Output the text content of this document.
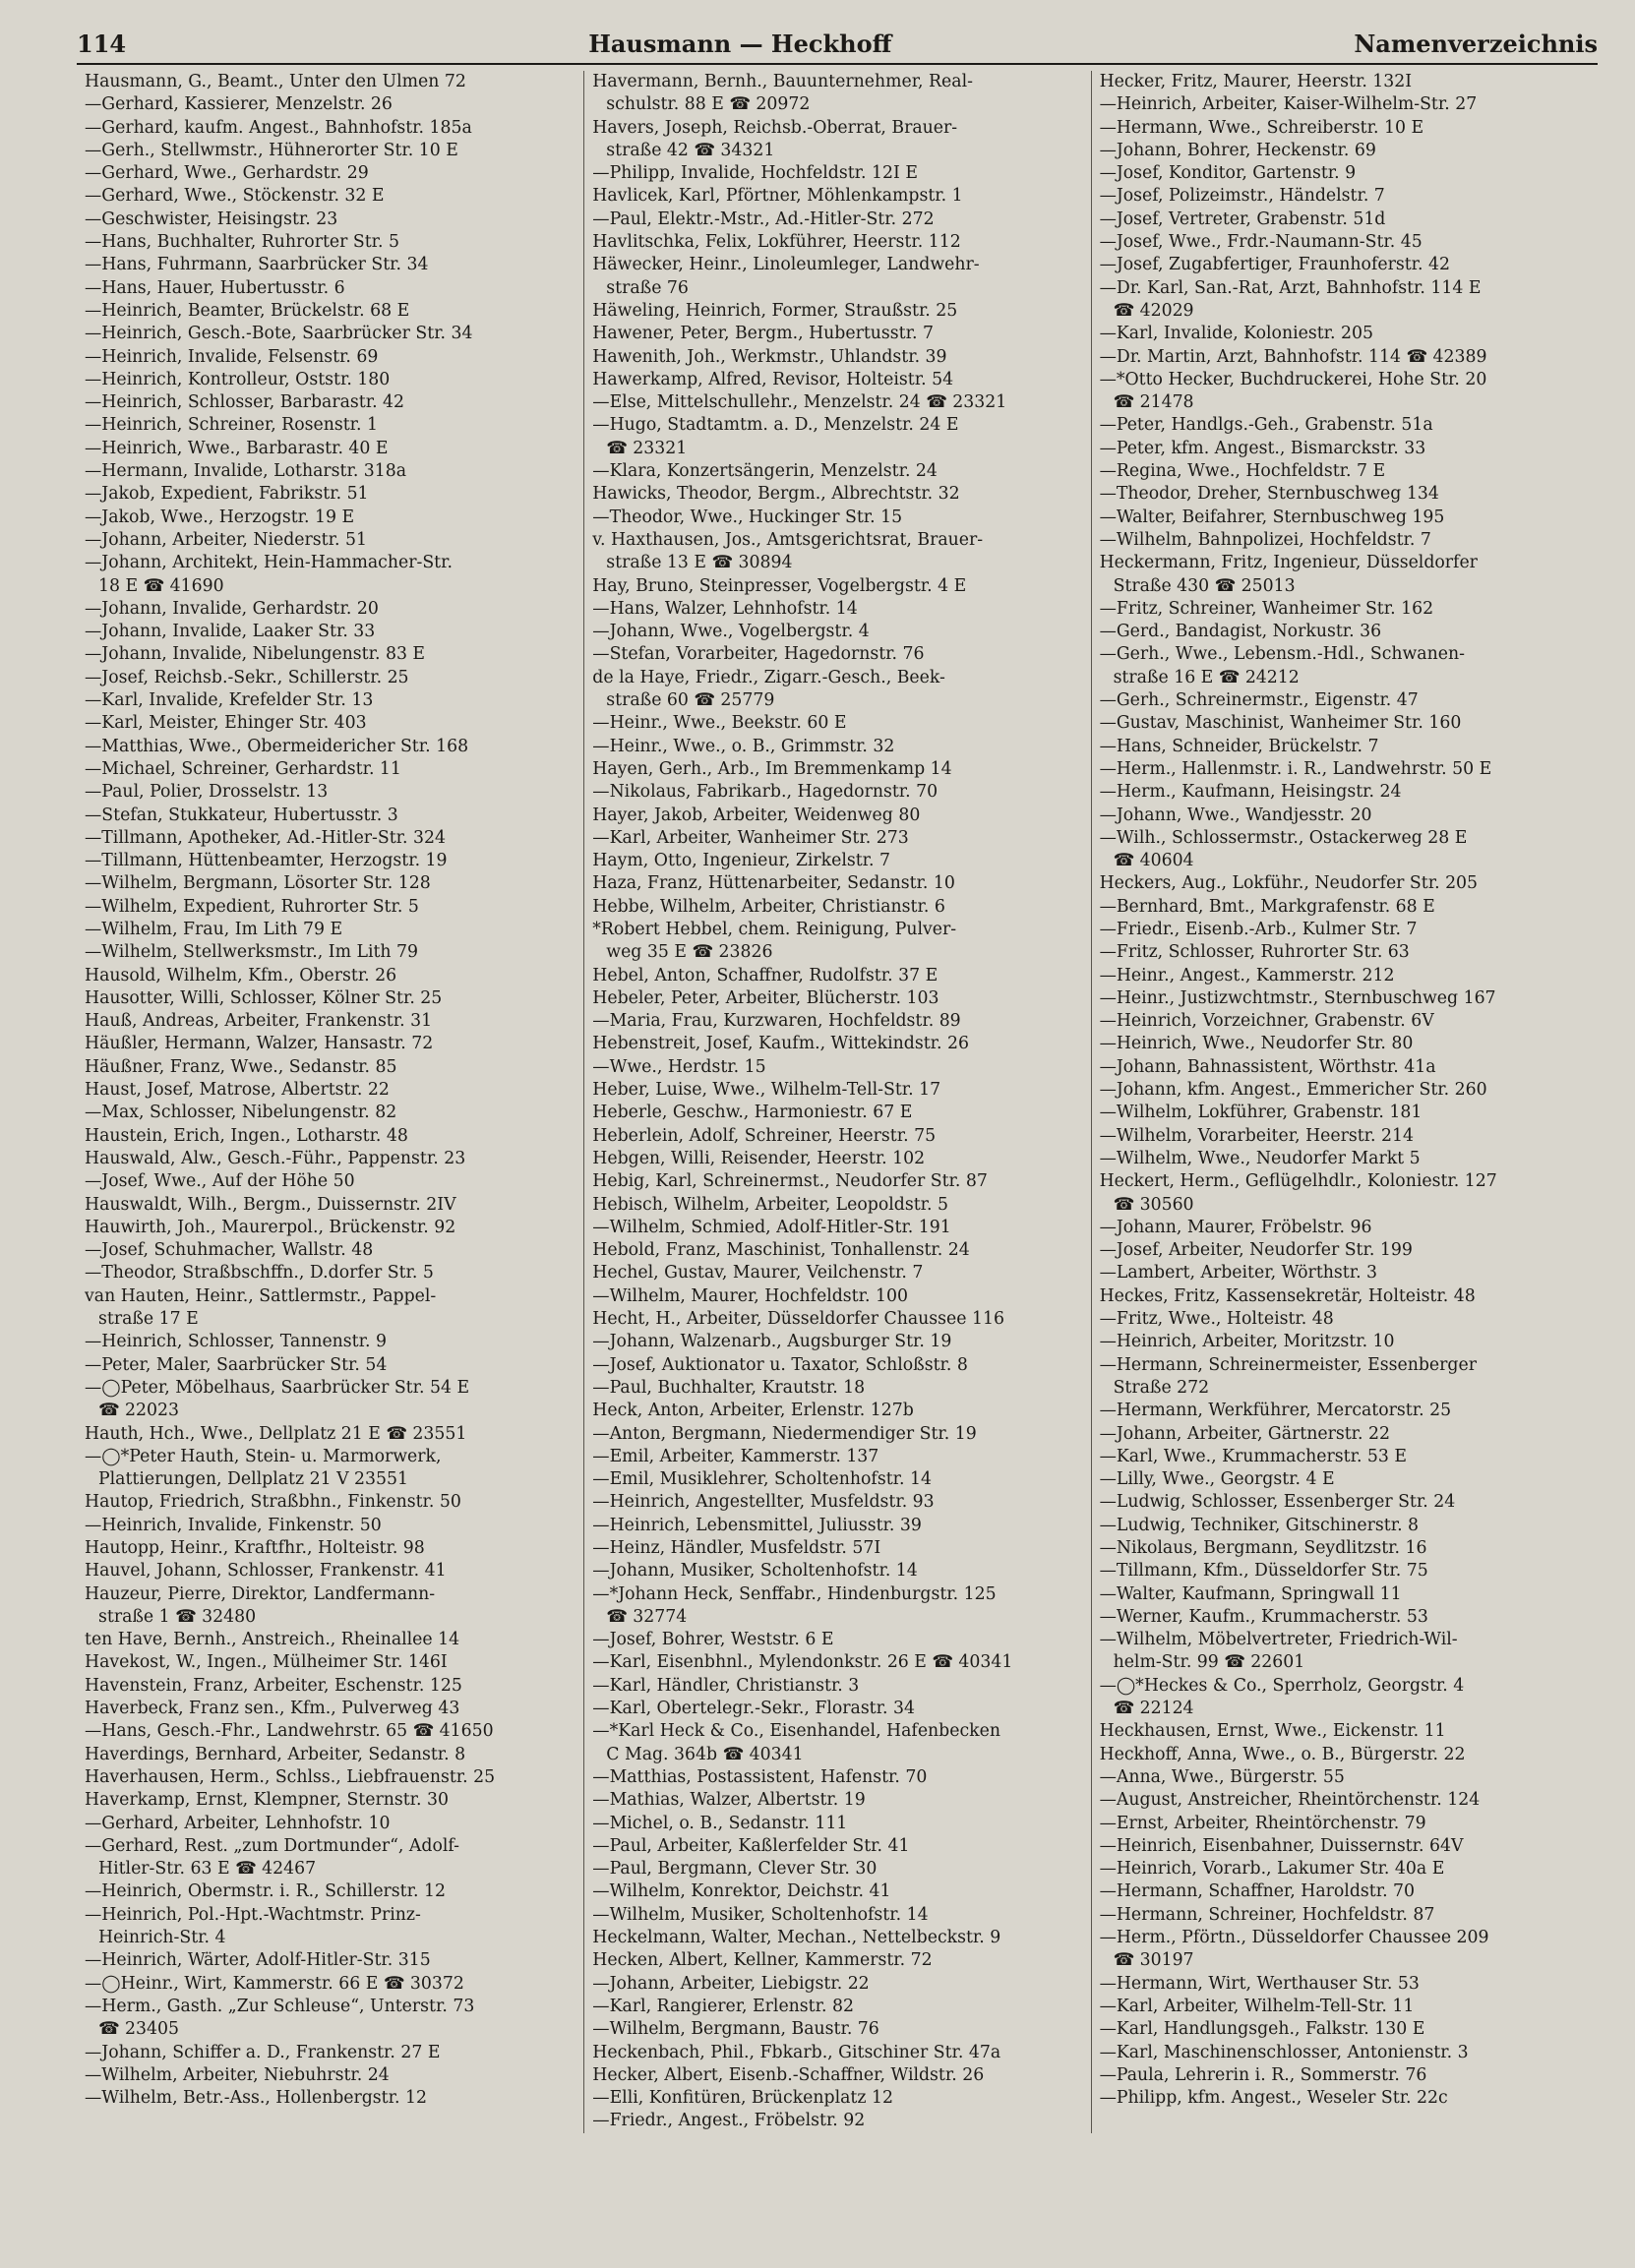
114	Hausmann — Heckhoff	Namenverzeichnis
Hausmann, G., Beamt., Unter den Ulmen 72
—Gerhard, Kassierer, Menzelstr. 26
—Gerhard, kaufm. Angest., Bahnhofstr. 185a
—Gerh., Stellwmstr., Hühnerorter Str. 10 E
—Gerhard, Wwe., Gerhardstr. 29
—Gerhard, Wwe., Stöckenstr. 32 E
—Geschwister, Heisingstr. 23
—Hans, Buchhalter, Ruhrorter Str. 5
—Hans, Fuhrmann, Saarbrücker Str. 34
—Hans, Hauer, Hubertusstr. 6
—Heinrich, Beamter, Brückelstr. 68 E
—Heinrich, Gesch.-Bote, Saarbrücker Str. 34
—Heinrich, Invalide, Felsenstr. 69
—Heinrich, Kontrolleur, Oststr. 180
—Heinrich, Schlosser, Barbarastr. 42
—Heinrich, Schreiner, Rosenstr. 1
—Heinrich, Wwe., Barbarastr. 40 E
—Hermann, Invalide, Lotharstr. 318a
—Jakob, Expedient, Fabrikstr. 51
—Jakob, Wwe., Herzogstr. 19 E
—Johann, Arbeiter, Niederstr. 51
—Johann, Architekt, Hein-Hammacher-Str.
18 E ☎ 41690
—Johann, Invalide, Gerhardstr. 20
—Johann, Invalide, Laaker Str. 33
—Johann, Invalide, Nibelungenstr. 83 E
—Josef, Reichsb.-Sekr., Schillerstr. 25
—Karl, Invalide, Krefelder Str. 13
—Karl, Meister, Ehinger Str. 403
—Matthias, Wwe., Obermeidericher Str. 168
—Michael, Schreiner, Gerhardstr. 11
—Paul, Polier, Drosselstr. 13
—Stefan, Stukkateur, Hubertusstr. 3
—Tillmann, Apotheker, Ad.-Hitler-Str. 324
—Tillmann, Hüttenbeamter, Herzogstr. 19
—Wilhelm, Bergmann, Lösorter Str. 128
—Wilhelm, Expedient, Ruhrorter Str. 5
—Wilhelm, Frau, Im Lith 79 E
—Wilhelm, Stellwerksmstr., Im Lith 79
Hausold, Wilhelm, Kfm., Oberstr. 26
Hausotter, Willi, Schlosser, Kölner Str. 25
Hauß, Andreas, Arbeiter, Frankenstr. 31
Häußler, Hermann, Walzer, Hansastr. 72
Häußner, Franz, Wwe., Sedanstr. 85
Haust, Josef, Matrose, Albertstr. 22
—Max, Schlosser, Nibelungenstr. 82
Haustein, Erich, Ingen., Lotharstr. 48
Hauswald, Alw., Gesch.-Führ., Pappenstr. 23
—Josef, Wwe., Auf der Höhe 50
Hauswaldt, Wilh., Bergm., Duissernstr. 2IV
Hauwirth, Joh., Maurerpol., Brückenstr. 92
—Josef, Schuhmacher, Wallstr. 48
—Theodor, Straßbschffn., D.dorfer Str. 5
van Hauten, Heinr., Sattlermstr., Pappel-
straße 17 E
—Heinrich, Schlosser, Tannenstr. 9
—Peter, Maler, Saarbrücker Str. 54
—◯Peter, Möbelhaus, Saarbrücker Str. 54 E
☎ 22023
Hauth, Hch., Wwe., Dellplatz 21 E ☎ 23551
—◯*Peter Hauth, Stein- u. Marmorwerk,
Plattierungen, Dellplatz 21 V 23551
Hautop, Friedrich, Straßbhn., Finkenstr. 50
—Heinrich, Invalide, Finkenstr. 50
Hautopp, Heinr., Kraftfhr., Holteistr. 98
Hauvel, Johann, Schlosser, Frankenstr. 41
Hauzeur, Pierre, Direktor, Landfermann-
straße 1 ☎ 32480
ten Have, Bernh., Anstreich., Rheinallee 14
Havekost, W., Ingen., Mülheimer Str. 146I
Havenstein, Franz, Arbeiter, Eschenstr. 125
Haverbeck, Franz sen., Kfm., Pulverweg 43
—Hans, Gesch.-Fhr., Landwehrstr. 65 ☎ 41650
Haverdings, Bernhard, Arbeiter, Sedanstr. 8
Haverhausen, Herm., Schlss., Liebfrauenstr. 25
Haverkamp, Ernst, Klempner, Sternstr. 30
—Gerhard, Arbeiter, Lehnhofstr. 10
—Gerhard, Rest. „zum Dortmunder“, Adolf-
Hitler-Str. 63 E ☎ 42467
—Heinrich, Obermstr. i. R., Schillerstr. 12
—Heinrich, Pol.-Hpt.-Wachtmstr. Prinz-
Heinrich-Str. 4
—Heinrich, Wärter, Adolf-Hitler-Str. 315
—◯Heinr., Wirt, Kammerstr. 66 E ☎ 30372
—Herm., Gasth. „Zur Schleuse“, Unterstr. 73
☎ 23405
—Johann, Schiffer a. D., Frankenstr. 27 E
—Wilhelm, Arbeiter, Niebuhrstr. 24
—Wilhelm, Betr.-Ass., Hollenbergstr. 12
Havermann, Bernh., Bauunternehmer, Real-
schulstr. 88 E ☎ 20972
Havers, Joseph, Reichsb.-Oberrat, Brauer-
straße 42 ☎ 34321
—Philipp, Invalide, Hochfeldstr. 12I E
Havlicek, Karl, Pförtner, Möhlenkampstr. 1
—Paul, Elektr.-Mstr., Ad.-Hitler-Str. 272
Havlitschka, Felix, Lokführer, Heerstr. 112
Häwecker, Heinr., Linoleumleger, Landwehr-
straße 76
Häweling, Heinrich, Former, Straußstr. 25
Hawener, Peter, Bergm., Hubertusstr. 7
Hawenith, Joh., Werkmstr., Uhlandstr. 39
Hawerkamp, Alfred, Revisor, Holteistr. 54
—Else, Mittelschullehr., Menzelstr. 24 ☎ 23321
—Hugo, Stadtamtm. a. D., Menzelstr. 24 E
☎ 23321
—Klara, Konzertsängerin, Menzelstr. 24
Hawicks, Theodor, Bergm., Albrechtstr. 32
—Theodor, Wwe., Huckinger Str. 15
v. Haxthausen, Jos., Amtsgerichtsrat, Brauer-
straße 13 E ☎ 30894
Hay, Bruno, Steinpresser, Vogelbergstr. 4 E
—Hans, Walzer, Lehnhofstr. 14
—Johann, Wwe., Vogelbergstr. 4
—Stefan, Vorarbeiter, Hagedornstr. 76
de la Haye, Friedr., Zigarr.-Gesch., Beek-
straße 60 ☎ 25779
—Heinr., Wwe., Beekstr. 60 E
—Heinr., Wwe., o. B., Grimmstr. 32
Hayen, Gerh., Arb., Im Bremmenkamp 14
—Nikolaus, Fabrikarb., Hagedornstr. 70
Hayer, Jakob, Arbeiter, Weidenweg 80
—Karl, Arbeiter, Wanheimer Str. 273
Haym, Otto, Ingenieur, Zirkelstr. 7
Haza, Franz, Hüttenarbeiter, Sedanstr. 10
Hebbe, Wilhelm, Arbeiter, Christianstr. 6
*Robert Hebbel, chem. Reinigung, Pulver-
weg 35 E ☎ 23826
Hebel, Anton, Schaffner, Rudolfstr. 37 E
Hebeler, Peter, Arbeiter, Blücherstr. 103
—Maria, Frau, Kurzwaren, Hochfeldstr. 89
Hebenstreit, Josef, Kaufm., Wittekindstr. 26
—Wwe., Herdstr. 15
Heber, Luise, Wwe., Wilhelm-Tell-Str. 17
Heberle, Geschw., Harmoniestr. 67 E
Heberlein, Adolf, Schreiner, Heerstr. 75
Hebgen, Willi, Reisender, Heerstr. 102
Hebig, Karl, Schreinermst., Neudorfer Str. 87
Hebisch, Wilhelm, Arbeiter, Leopoldstr. 5
—Wilhelm, Schmied, Adolf-Hitler-Str. 191
Hebold, Franz, Maschinist, Tonhallenstr. 24
Hechel, Gustav, Maurer, Veilchenstr. 7
—Wilhelm, Maurer, Hochfeldstr. 100
Hecht, H., Arbeiter, Düsseldorfer Chaussee 116
—Johann, Walzenarb., Augsburger Str. 19
—Josef, Auktionator u. Taxator, Schloßstr. 8
—Paul, Buchhalter, Krautstr. 18
Heck, Anton, Arbeiter, Erlenstr. 127b
—Anton, Bergmann, Niedermendiger Str. 19
—Emil, Arbeiter, Kammerstr. 137
—Emil, Musiklehrer, Scholtenhofstr. 14
—Heinrich, Angestellter, Musfeldstr. 93
—Heinrich, Lebensmittel, Juliusstr. 39
—Heinz, Händler, Musfeldstr. 57I
—Johann, Musiker, Scholtenhofstr. 14
—*Johann Heck, Senffabr., Hindenburgstr. 125
☎ 32774
—Josef, Bohrer, Weststr. 6 E
—Karl, Eisenbhnl., Mylendonkstr. 26 E ☎ 40341
—Karl, Händler, Christianstr. 3
—Karl, Obertelegr.-Sekr., Florastr. 34
—*Karl Heck & Co., Eisenhandel, Hafenbecken
C Mag. 364b ☎ 40341
—Matthias, Postassistent, Hafenstr. 70
—Mathias, Walzer, Albertstr. 19
—Michel, o. B., Sedanstr. 111
—Paul, Arbeiter, Kaßlerfelder Str. 41
—Paul, Bergmann, Clever Str. 30
—Wilhelm, Konrektor, Deichstr. 41
—Wilhelm, Musiker, Scholtenhofstr. 14
Heckelmann, Walter, Mechan., Nettelbeckstr. 9
Hecken, Albert, Kellner, Kammerstr. 72
—Johann, Arbeiter, Liebigstr. 22
—Karl, Rangierer, Erlenstr. 82
—Wilhelm, Bergmann, Baustr. 76
Heckenbach, Phil., Fbkarb., Gitschiner Str. 47a
Hecker, Albert, Eisenb.-Schaffner, Wildstr. 26
—Elli, Konfitüren, Brückenplatz 12
—Friedr., Angest., Fröbelstr. 92
Hecker, Fritz, Maurer, Heerstr. 132I
—Heinrich, Arbeiter, Kaiser-Wilhelm-Str. 27
—Hermann, Wwe., Schreiberstr. 10 E
—Johann, Bohrer, Heckenstr. 69
—Josef, Konditor, Gartenstr. 9
—Josef, Polizeimstr., Händelstr. 7
—Josef, Vertreter, Grabenstr. 51d
—Josef, Wwe., Frdr.-Naumann-Str. 45
—Josef, Zugabfertiger, Fraunhoferstr. 42
—Dr. Karl, San.-Rat, Arzt, Bahnhofstr. 114 E
☎ 42029
—Karl, Invalide, Koloniestr. 205
—Dr. Martin, Arzt, Bahnhofstr. 114 ☎ 42389
—*Otto Hecker, Buchdruckerei, Hohe Str. 20
☎ 21478
—Peter, Handlgs.-Geh., Grabenstr. 51a
—Peter, kfm. Angest., Bismarckstr. 33
—Regina, Wwe., Hochfeldstr. 7 E
—Theodor, Dreher, Sternbuschweg 134
—Walter, Beifahrer, Sternbuschweg 195
—Wilhelm, Bahnpolizei, Hochfeldstr. 7
Heckermann, Fritz, Ingenieur, Düsseldorfer
Straße 430 ☎ 25013
—Fritz, Schreiner, Wanheimer Str. 162
—Gerd., Bandagist, Norkustr. 36
—Gerh., Wwe., Lebensm.-Hdl., Schwanen-
straße 16 E ☎ 24212
—Gerh., Schreinermstr., Eigenstr. 47
—Gustav, Maschinist, Wanheimer Str. 160
—Hans, Schneider, Brückelstr. 7
—Herm., Hallenmstr. i. R., Landwehrstr. 50 E
—Herm., Kaufmann, Heisingstr. 24
—Johann, Wwe., Wandjesstr. 20
—Wilh., Schlossermstr., Ostackerweg 28 E
☎ 40604
Heckers, Aug., Lokführ., Neudorfer Str. 205
—Bernhard, Bmt., Markgrafenstr. 68 E
—Friedr., Eisenb.-Arb., Kulmer Str. 7
—Fritz, Schlosser, Ruhrorter Str. 63
—Heinr., Angest., Kammerstr. 212
—Heinr., Justizwchtmstr., Sternbuschweg 167
—Heinrich, Vorzeichner, Grabenstr. 6V
—Heinrich, Wwe., Neudorfer Str. 80
—Johann, Bahnassistent, Wörthstr. 41a
—Johann, kfm. Angest., Emmericher Str. 260
—Wilhelm, Lokführer, Grabenstr. 181
—Wilhelm, Vorarbeiter, Heerstr. 214
—Wilhelm, Wwe., Neudorfer Markt 5
Heckert, Herm., Geflügelhdlr., Koloniestr. 127
☎ 30560
—Johann, Maurer, Fröbelstr. 96
—Josef, Arbeiter, Neudorfer Str. 199
—Lambert, Arbeiter, Wörthstr. 3
Heckes, Fritz, Kassensekretär, Holteistr. 48
—Fritz, Wwe., Holteistr. 48
—Heinrich, Arbeiter, Moritzstr. 10
—Hermann, Schreinermeister, Essenberger
Straße 272
—Hermann, Werkführer, Mercatorstr. 25
—Johann, Arbeiter, Gärtnerstr. 22
—Karl, Wwe., Krummacherstr. 53 E
—Lilly, Wwe., Georgstr. 4 E
—Ludwig, Schlosser, Essenberger Str. 24
—Ludwig, Techniker, Gitschinerstr. 8
—Nikolaus, Bergmann, Seydlitzstr. 16
—Tillmann, Kfm., Düsseldorfer Str. 75
—Walter, Kaufmann, Springwall 11
—Werner, Kaufm., Krummacherstr. 53
—Wilhelm, Möbelvertreter, Friedrich-Wil-
helm-Str. 99 ☎ 22601
—◯*Heckes & Co., Sperrholz, Georgstr. 4
☎ 22124
Heckhausen, Ernst, Wwe., Eickenstr. 11
Heckhoff, Anna, Wwe., o. B., Bürgerstr. 22
—Anna, Wwe., Bürgerstr. 55
—August, Anstreicher, Rheintörchenstr. 124
—Ernst, Arbeiter, Rheintörchenstr. 79
—Heinrich, Eisenbahner, Duissernstr. 64V
—Heinrich, Vorarb., Lakumer Str. 40a E
—Hermann, Schaffner, Haroldstr. 70
—Hermann, Schreiner, Hochfeldstr. 87
—Herm., Pförtn., Düsseldorfer Chaussee 209
☎ 30197
—Hermann, Wirt, Werthauser Str. 53
—Karl, Arbeiter, Wilhelm-Tell-Str. 11
—Karl, Handlungsgeh., Falkstr. 130 E
—Karl, Maschinenschlosser, Antonienstr. 3
—Paula, Lehrerin i. R., Sommerstr. 76
—Philipp, kfm. Angest., Weseler Str. 22c
